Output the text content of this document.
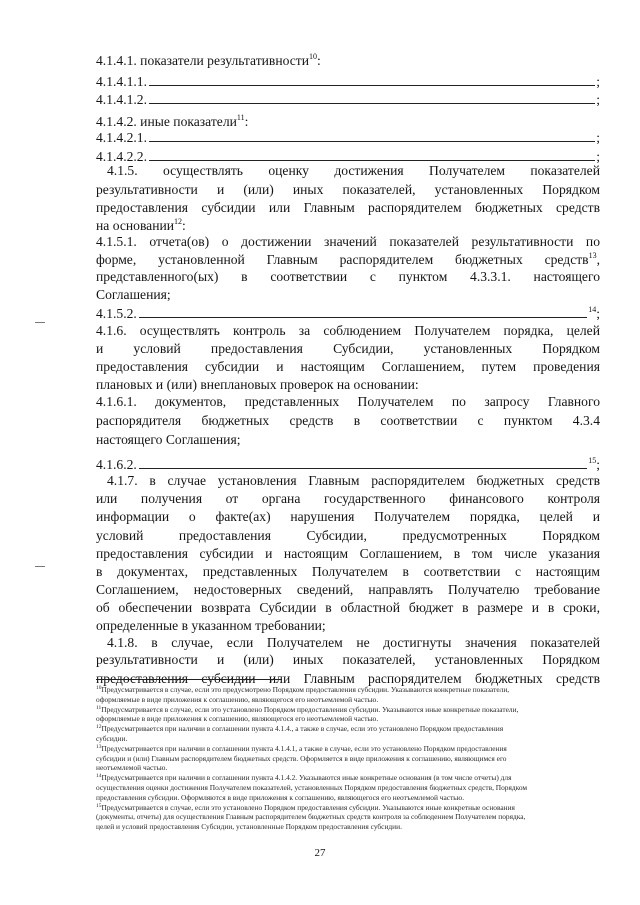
4.1.4.1. показатели результативности $^{10}$ :
4.1.4.1.1.	;
4.1.4.1.2.	;
4.1.4.2. иные показатели $^{11}$ :
4.1.4.2.1.	;
4.1.4.2.2.	;
4.1.5. осуществлять оценку достижения Получателем показателей
результативности и (или) иных показателей, установленных Порядком
предоставления субсидии или Главным распорядителем бюджетных средств
на основании$^{12}$:
4.1.5.1. отчета(ов) о достижении значений показателей результативности по
форме, установленной Главным распорядителем бюджетных средств$^{13}$,
представленного(ых) в соответствии с пунктом 4.3.3.1. настоящего
Соглашения;
4.1.5.2.	$^{14}$;
4.1.6. осуществлять контроль за соблюдением Получателем порядка, целей
и условий предоставления Субсидии, установленных Порядком
предоставления субсидии и настоящим Соглашением, путем проведения
плановых и (или) внеплановых проверок на основании:
4.1.6.1. документов, представленных Получателем по запросу Главного
распорядителя бюджетных средств в соответствии с пунктом 4.3.4
настоящего Соглашения;
4.1.6.2.	$^{15}$;
4.1.7. в случае установления Главным распорядителем бюджетных средств
или получения от органа государственного финансового контроля
информации о факте(ах) нарушения Получателем порядка, целей и
условий предоставления Субсидии, предусмотренных Порядком
предоставления субсидии и настоящим Соглашением, в том числе указания
в документах, представленных Получателем в соответствии с настоящим
Соглашением, недостоверных сведений, направлять Получателю требование
об обеспечении возврата Субсидии в областной бюджет в размере и в сроки,
определенные в указанном требовании;
4.1.8. в случае, если Получателем не достигнуты значения показателей
результативности и (или) иных показателей, установленных Порядком
предоставления субсидии или Главным распорядителем бюджетных средств
$^{10}$Предусматривается в случае, если это предусмотрено Порядком предоставления субсидии. Указываются конкретные показатели,
оформляемые в виде приложения к соглашению, являющегося его неотъемлемой частью.
$^{11}$Предусматривается в случае, если это установлено Порядком предоставления субсидии. Указываются иные конкретные показатели,
оформляемые в виде приложения к соглашению, являющегося его неотъемлемой частью.
$^{12}$Предусматривается при наличии в соглашении пункта 4.1.4., а также в случае, если это установлено Порядком предоставления
субсидии.
$^{13}$Предусматривается при наличии в соглашении пункта 4.1.4.1, а также в случае, если это установлено Порядком предоставления
субсидии и (или) Главным распорядителем бюджетных средств. Оформляется в виде приложения к соглашению, являющимся его
неотъемлемой частью.
$^{14}$Предусматривается при наличии в соглашении пункта 4.1.4.2. Указываются иные конкретные основания (в том числе отчеты) для
осуществления оценки достижения Получателем показателей, установленных Порядком предоставления бюджетных средств, Порядком
предоставления субсидии. Оформляются в виде приложения к соглашению, являющегося его неотъемлемой частью.
$^{15}$Предусматривается в случае, если это установлено Порядком предоставления субсидии. Указываются иные конкретные основания
(документы, отчеты) для осуществления Главным распорядителем бюджетных средств контроля за соблюдением Получателем порядка,
целей и условий предоставления Субсидии, установленные Порядком предоставления субсидии.
27
